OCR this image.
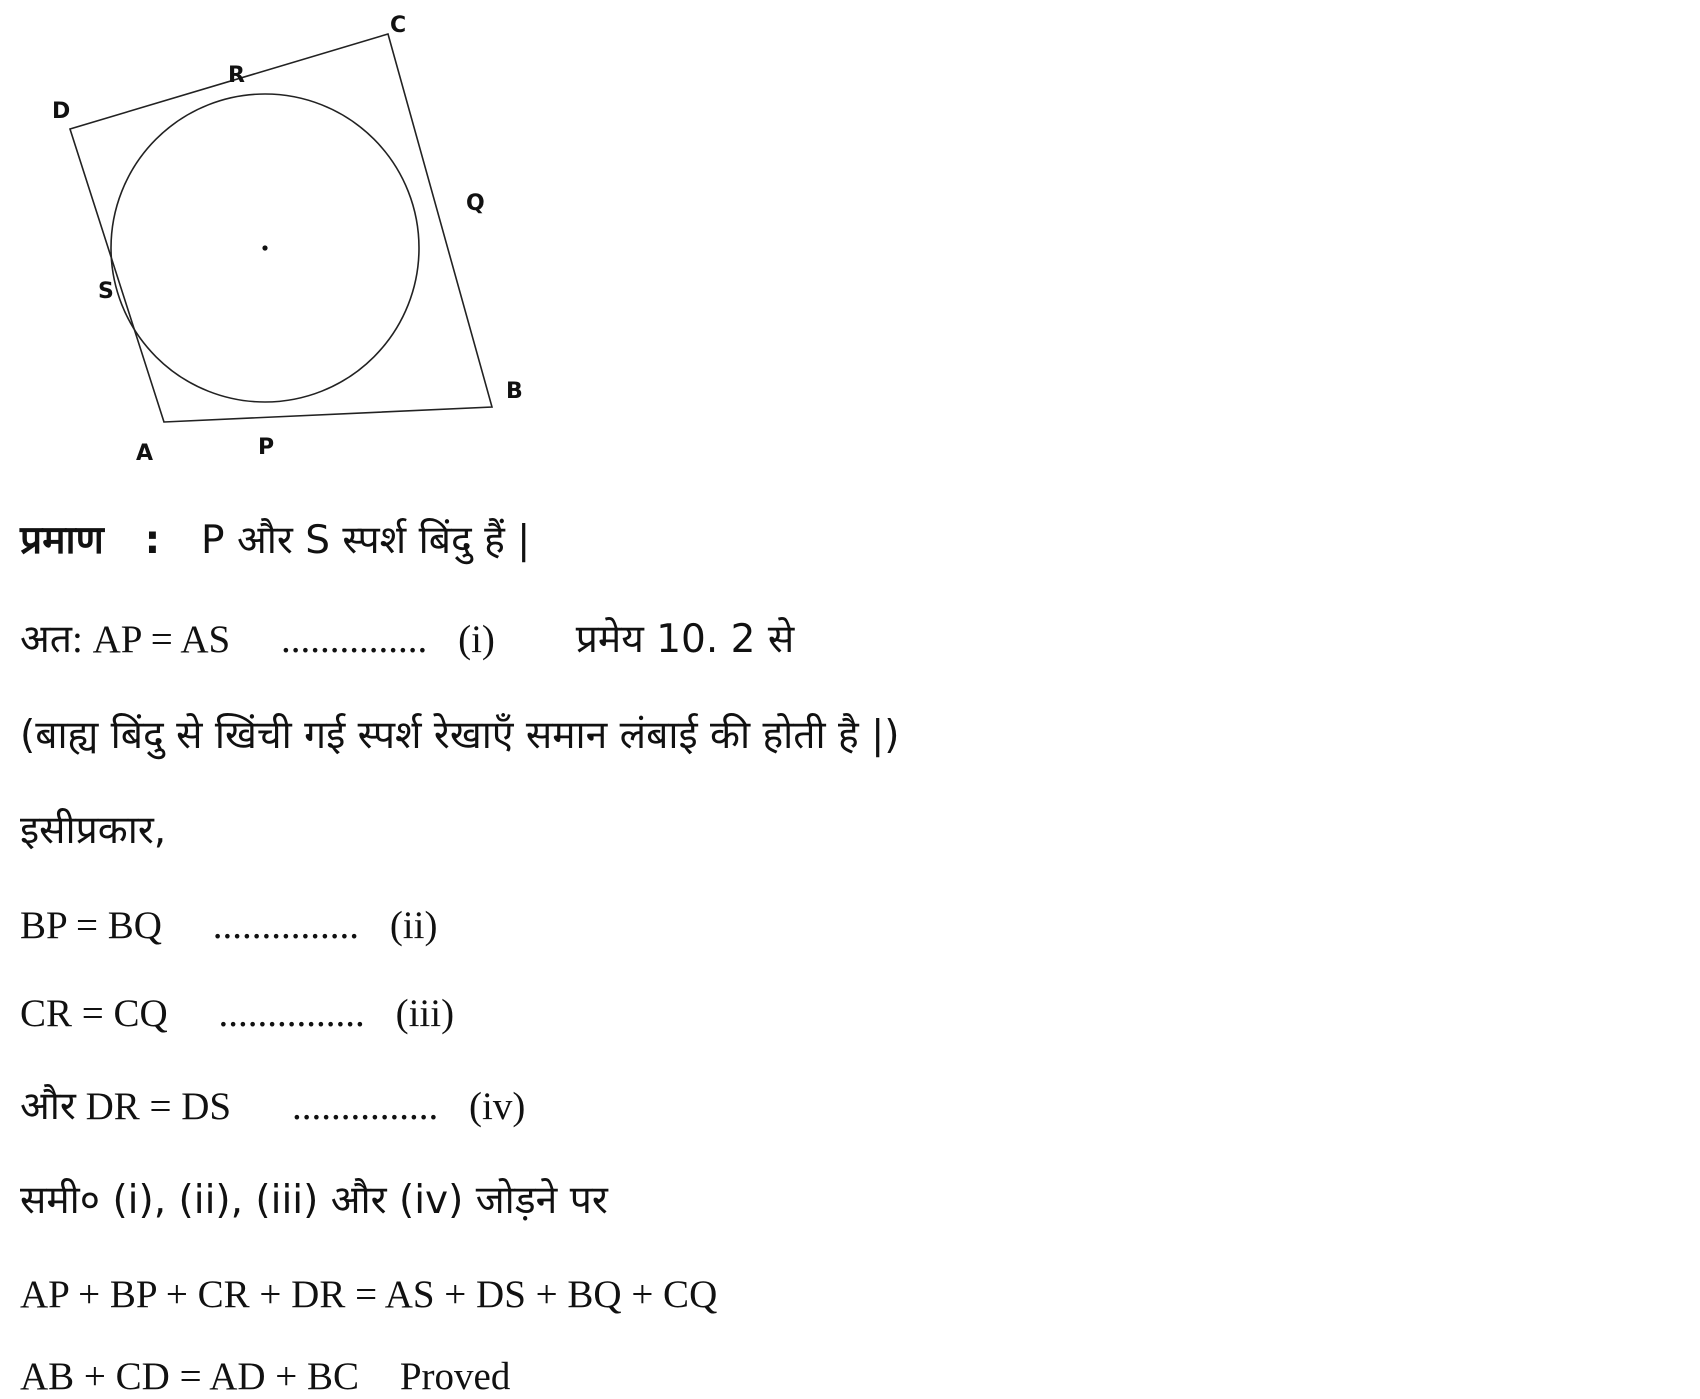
D
C
B
A
R
Q
S
P
प्रमाण : P और S स्पर्श बिंदु हैं |
अत: AP = AS ............... (i) प्रमेय 10. 2 से
(बाह्य बिंदु से खिंची गई स्पर्श रेखाएँ समान लंबाई की होती है |)
इसीप्रकार,
BP = BQ ............... (ii)
CR = CQ ............... (iii)
और DR = DS ............... (iv)
समी० (i), (ii), (iii) और (iv) जोड़ने पर
AP + BP + CR + DR = AS + DS + BQ + CQ
AB + CD = AD + BC Proved
